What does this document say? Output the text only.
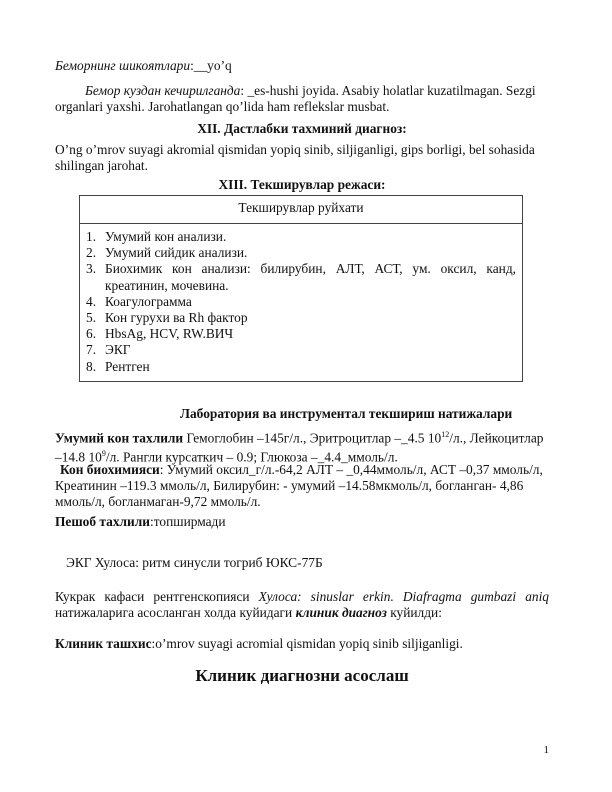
Беморнинг шикоятлари:__yo’q

Бемор куздан кечирилганда: _es-hushi joyida. Asabiy holatlar kuzatilmagan. Sezgi organlari yaxshi. Jarohatlangan qo’lida ham reflekslar musbat.

XII. Дастлабки тахминий диагноз:

O’ng o’mrov suyagi akromial qismidan yopiq sinib, siljiganligi, gips borligi, bel sohasida shilingan jarohat.

XIII. Текширувлар режаси:

Текширувлар руйхати
1. Умумий кон анализи.
2. Умумий сийдик анализи.
3. Биохимик кон анализи: билирубин, АЛТ, АСТ, ум. оксил, канд, креатинин, мочевина.
4. Коагулограмма
5. Кон гурухи ва Rh фактор
6. HbsAg, HCV, RW.ВИЧ
7. ЭКГ
8. Рентген

Лаборатория ва инструментал текшириш натижалари

Умумий кон тахлили Гемоглобин –145г/л., Эритроцитлар –_4.5 $10^{12}/л$., Лейкоцитлар –14.8 $10^9/л$. Рангли курсаткич – 0.9; Глюкоза –_4.4_ммоль/л.

Кон биохимияси: Умумий оксил_г/л.-64,2 АЛТ – _0,44ммоль/л, АСТ –0,37 ммоль/л, Креатинин –119.3 ммоль/л, Билирубин: - умумий –14.58мкмоль/л, богланган- 4,86 ммоль/л, богланмаган-9,72 ммоль/л.

Пешоб тахлили:топширмади

ЭКГ Хулоса: ритм синусли тогриб ЮКС-77Б

Кукрак кафаси рентгенскопияси Хулоса: sinuslar erkin. Diafragma gumbazi aniq натижаларига асосланган холда куйидаги клиник диагноз куйилди:

Клиник ташхис:o’mrov suyagi acromial qismidan yopiq sinib siljiganligi.

Клиник диагнозни асослаш
1
